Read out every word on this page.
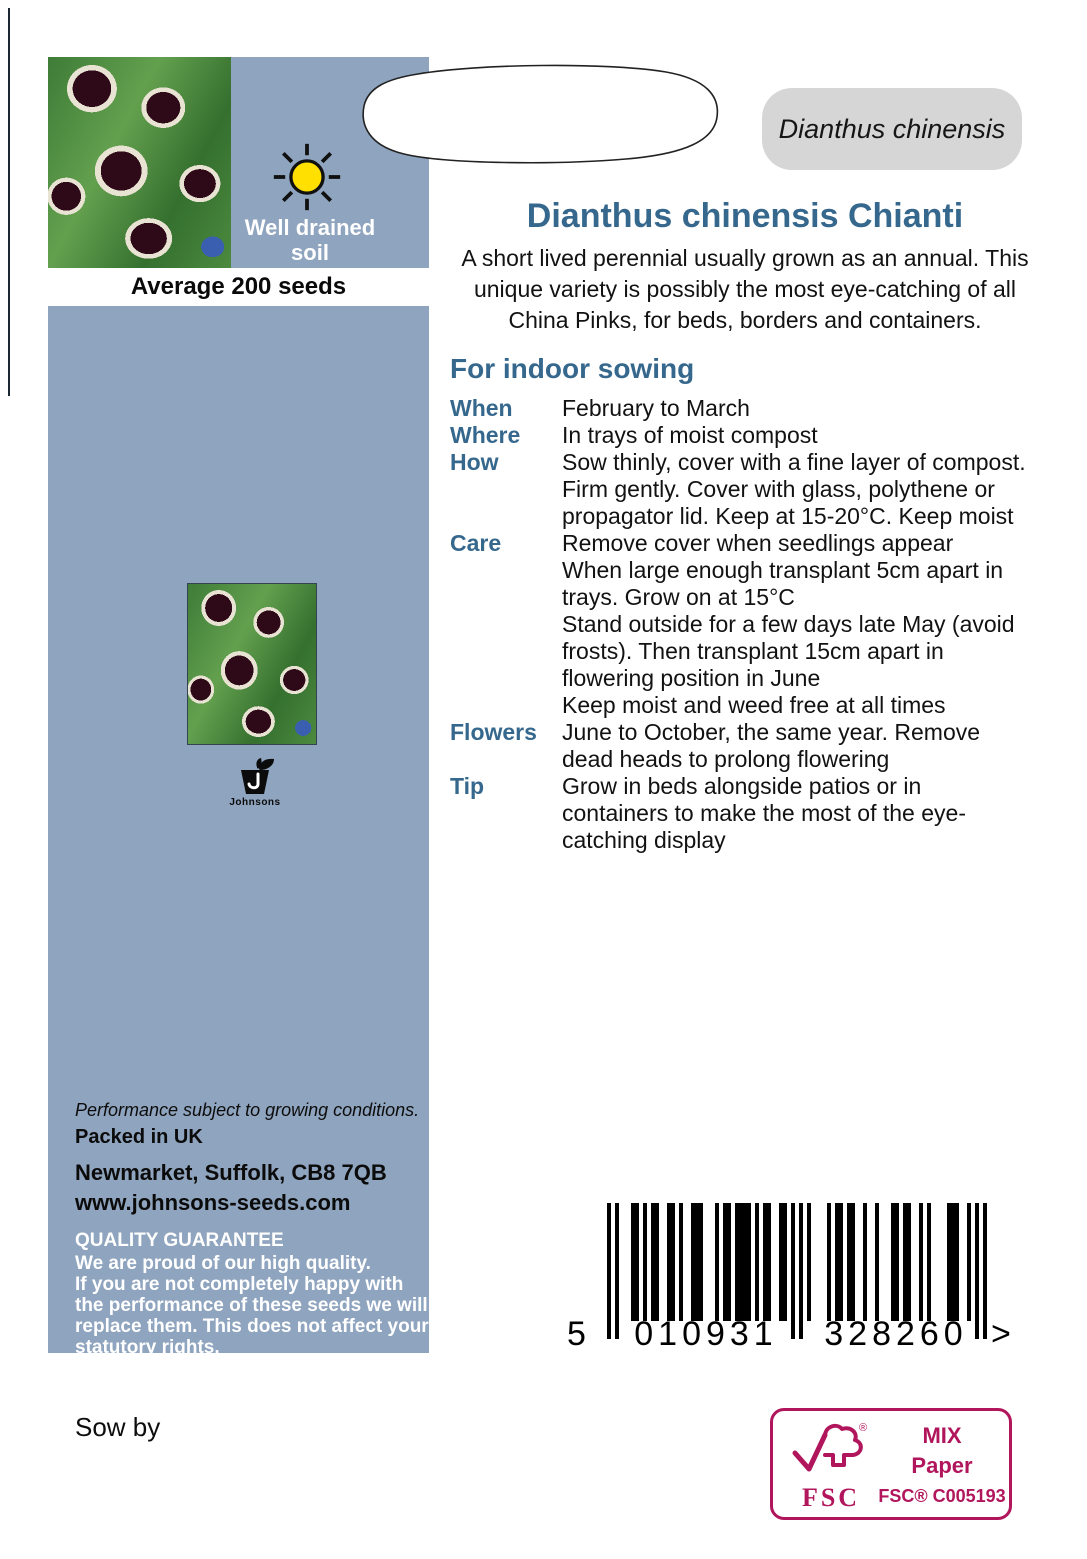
Well drained soil
Average 200 seeds
Johnsons
Performance subject to growing conditions.
Packed in UK
Newmarket, Suffolk, CB8 7QB
www.johnsons-seeds.com
QUALITY GUARANTEE
We are proud of our high quality.
If you are not completely happy with
the performance of these seeds we will
replace them. This does not affect your
statutory rights.
Dianthus chinensis
Dianthus chinensis Chianti
A short lived perennial usually grown as an annual. This unique variety is possibly the most eye-catching of all China Pinks, for beds, borders and containers.
For indoor sowing
When	February to March
Where	In trays of moist compost
How	Sow thinly, cover with a fine layer of compost. Firm gently. Cover with glass, polythene or propagator lid. Keep at 15-20°C. Keep moist
Care	Remove cover when seedlings appear
When large enough transplant 5cm apart in trays. Grow on at 15°C
Stand outside for a few days late May (avoid frosts). Then transplant 15cm apart in flowering position in June
Keep moist and weed free at all times
Flowers	June to October, the same year. Remove dead heads to prolong flowering
Tip	Grow in beds alongside patios or in containers to make the most of the eye-catching display
5 010931 328260 >
Sow by	®
FSC
MIX
Paper
FSC® C005193
